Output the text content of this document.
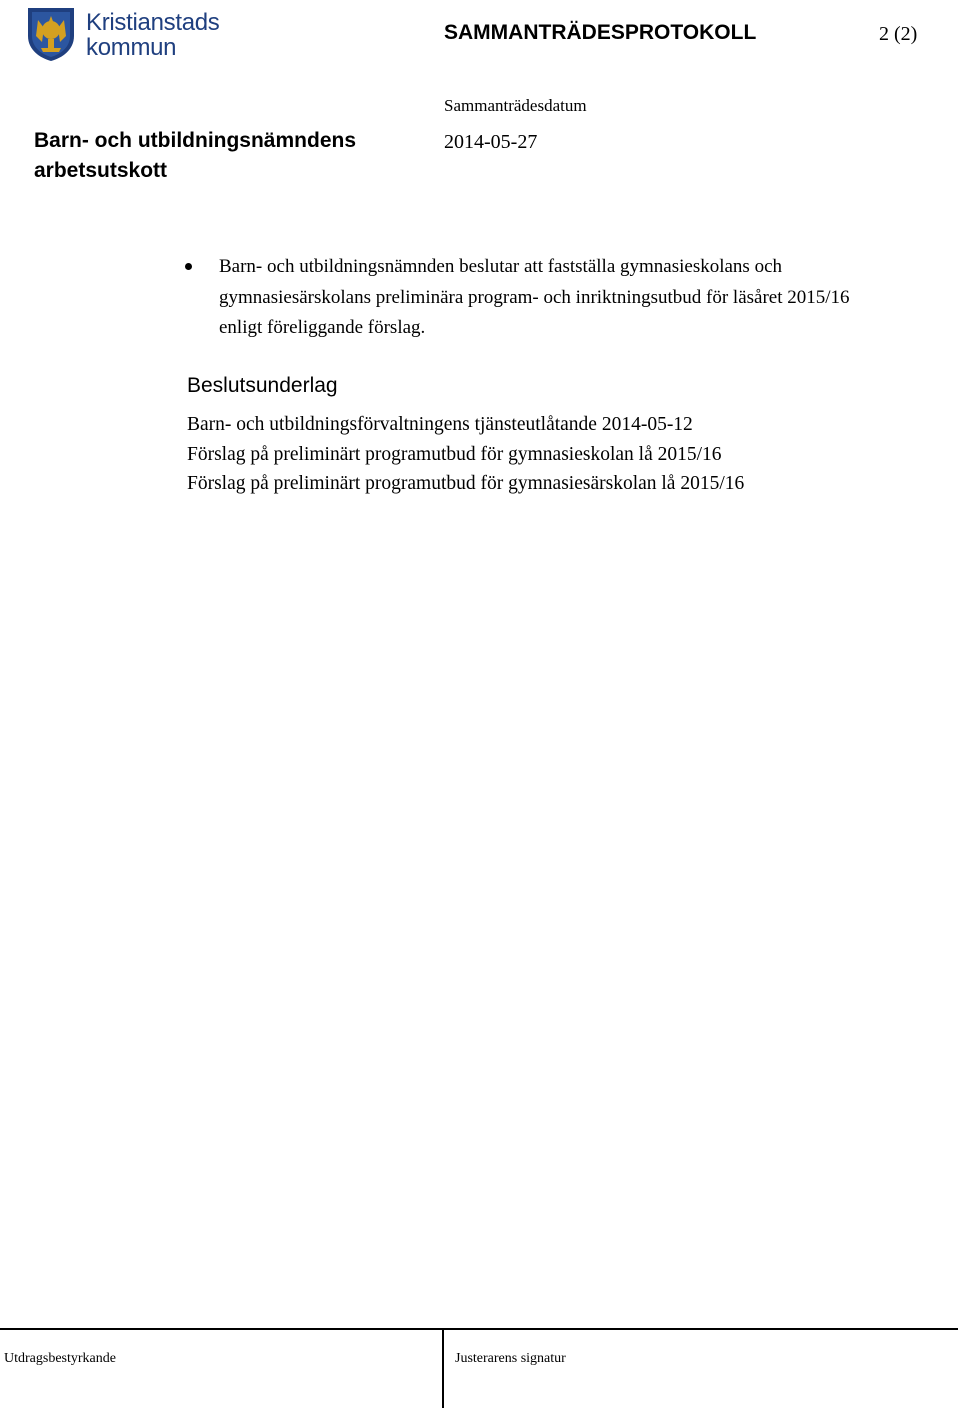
Kristianstads
kommun
SAMMANTRÄDESPROTOKOLL	2 (2)
Sammanträdesdatum
2014-05-27
Barn- och utbildningsnämndens arbetsutskott
Barn- och utbildningsnämnden beslutar att fastställa gymnasieskolans och gymnasiesärskolans preliminära program- och inriktningsutbud för läsåret 2015/16 enligt föreliggande förslag.
Beslutsunderlag
Barn- och utbildningsförvaltningens tjänsteutlåtande 2014-05-12
Förslag på preliminärt programutbud för gymnasieskolan lå 2015/16
Förslag på preliminärt programutbud för gymnasiesärskolan lå 2015/16
Utdragsbestyrkande	Justerarens signatur
